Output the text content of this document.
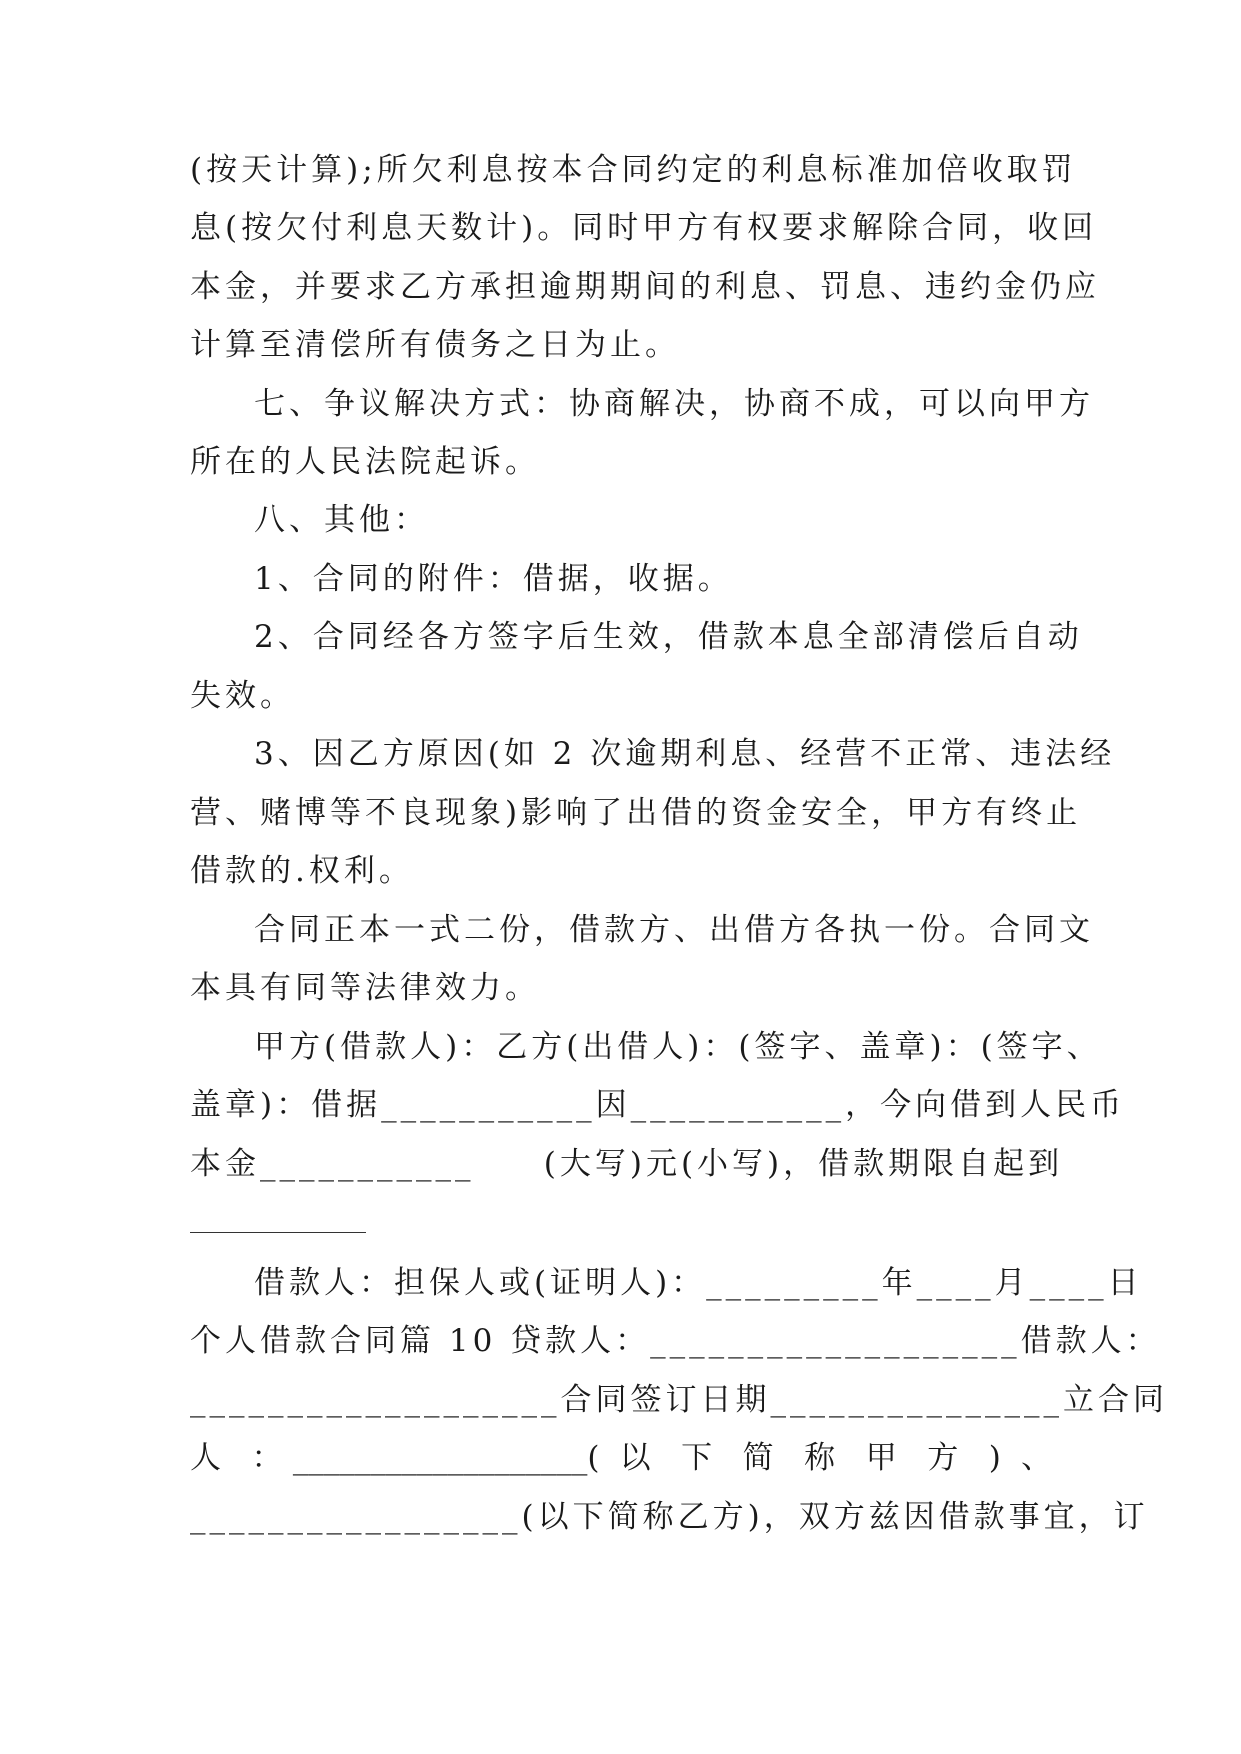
(按天计算);所欠利息按本合同约定的利息标准加倍收取罚
息(按欠付利息天数计)。同时甲方有权要求解除合同，收回
本金，并要求乙方承担逾期期间的利息、罚息、违约金仍应
计算至清偿所有债务之日为止。
七、争议解决方式：协商解决，协商不成，可以向甲方
所在的人民法院起诉。
八、其他：
1、合同的附件：借据，收据。
2、合同经各方签字后生效，借款本息全部清偿后自动
失效。
3、因乙方原因(如 2 次逾期利息、经营不正常、违法经
营、赌博等不良现象)影响了出借的资金安全，甲方有终止
借款的.权利。
合同正本一式二份，借款方、出借方各执一份。合同文
本具有同等法律效力。
甲方(借款人)：乙方(出借人)：(签字、盖章)：(签字、
盖章)：借据___________因___________，今向借到人民币
本金___________     (大写)元(小写)，借款期限自起到
借款人：担保人或(证明人)：_________年____月____日
个人借款合同篇 10 贷款人：___________________借款人：
___________________合同签订日期_______________立合同
人 ：___________________( 以 下 简 称 甲 方 ) 、
_________________(以下简称乙方)，双方兹因借款事宜，订
